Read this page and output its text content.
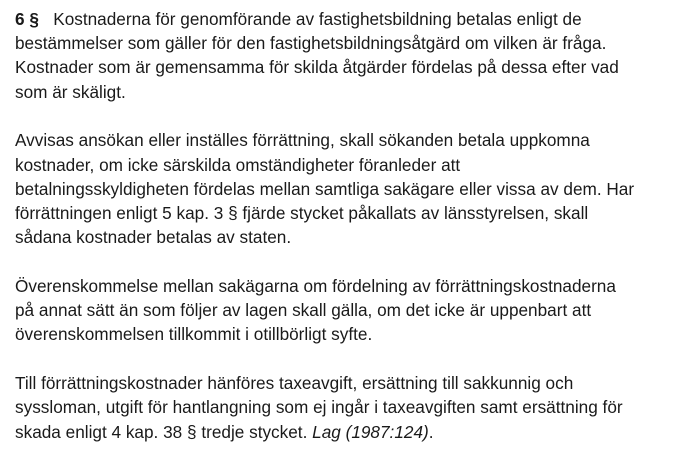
6 § Kostnaderna för genomförande av fastighetsbildning betalas enligt de
bestämmelser som gäller för den fastighetsbildningsåtgärd om vilken är fråga.
Kostnader som är gemensamma för skilda åtgärder fördelas på dessa efter vad
som är skäligt.

Avvisas ansökan eller inställes förrättning, skall sökanden betala uppkomna
kostnader, om icke särskilda omständigheter föranleder att
betalningsskyldigheten fördelas mellan samtliga sakägare eller vissa av dem. Har
förrättningen enligt 5 kap. 3 § fjärde stycket påkallats av länsstyrelsen, skall
sådana kostnader betalas av staten.

Överenskommelse mellan sakägarna om fördelning av förrättningskostnaderna
på annat sätt än som följer av lagen skall gälla, om det icke är uppenbart att
överenskommelsen tillkommit i otillbörligt syfte.

Till förrättningskostnader hänföres taxeavgift, ersättning till sakkunnig och
syssloman, utgift för hantlangning som ej ingår i taxeavgiften samt ersättning för
skada enligt 4 kap. 38 § tredje stycket. Lag (1987:124).
